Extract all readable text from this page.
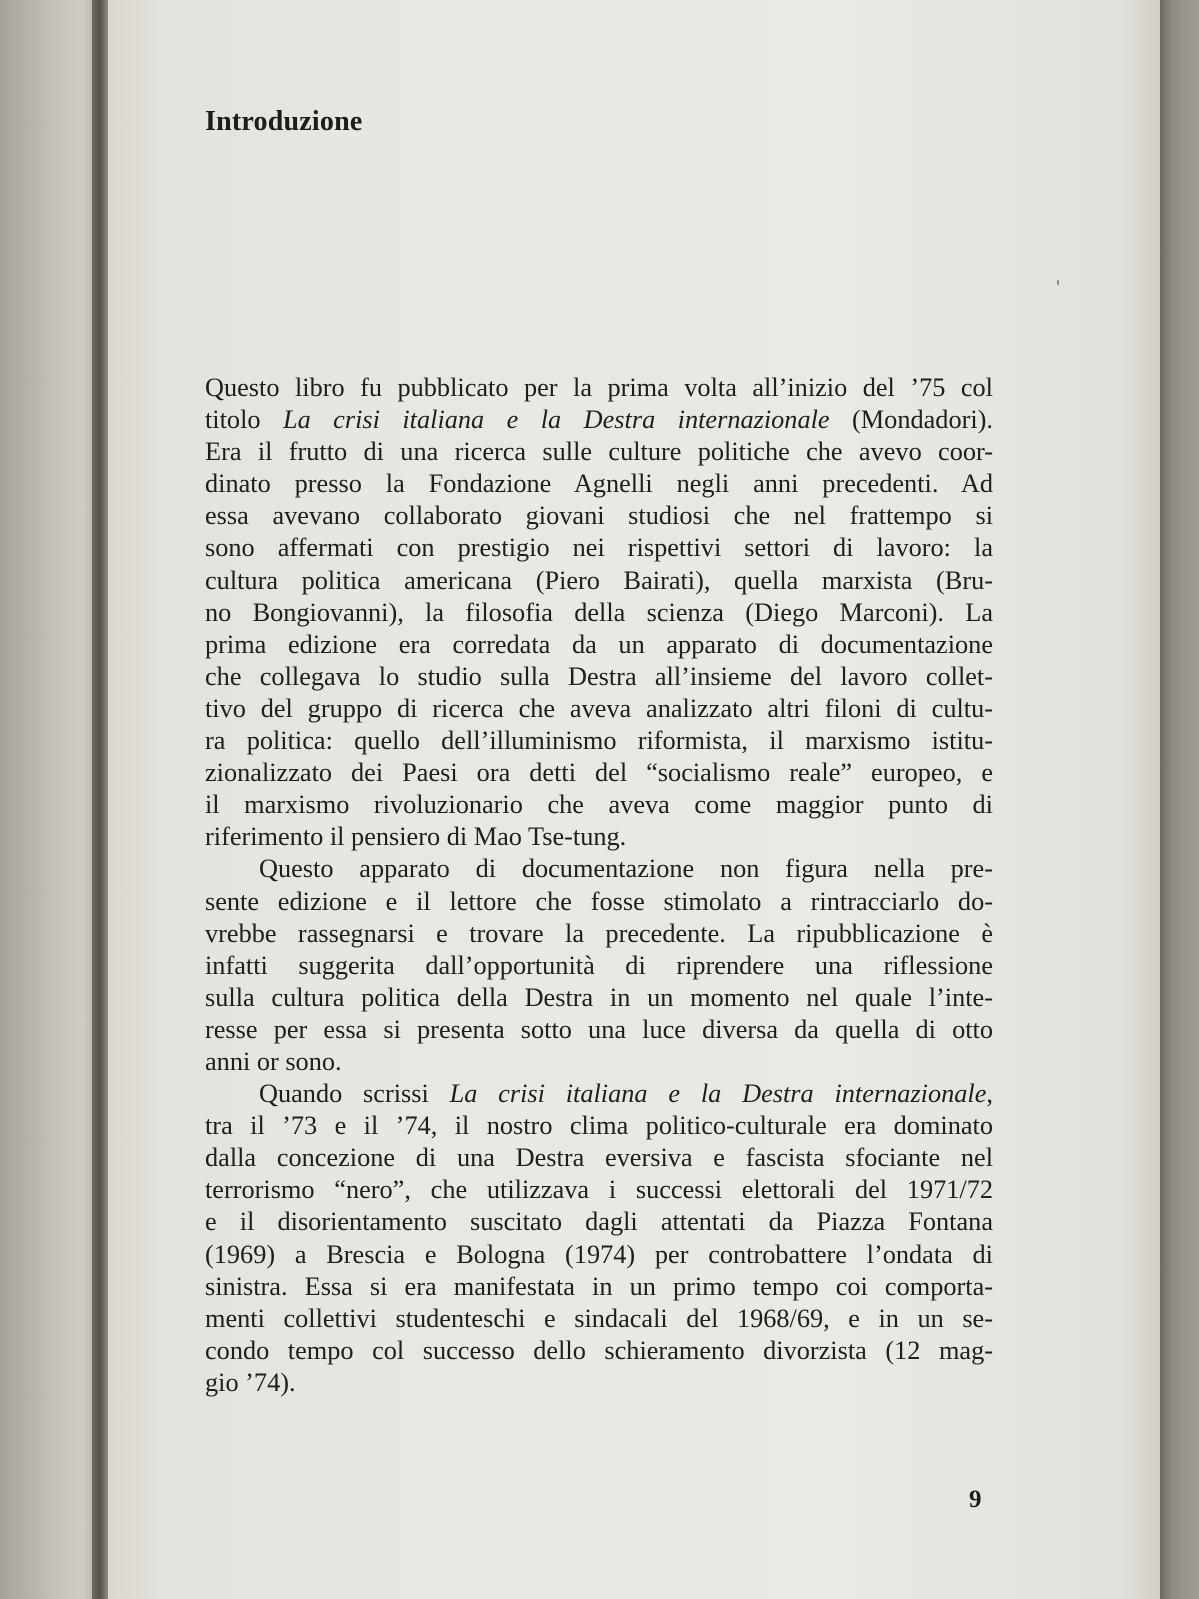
Introduzione
Questo libro fu pubblicato per la prima volta all’inizio del ’75 col
titolo La crisi italiana e la Destra internazionale (Mondadori).
Era il frutto di una ricerca sulle culture politiche che avevo coor-
dinato presso la Fondazione Agnelli negli anni precedenti. Ad
essa avevano collaborato giovani studiosi che nel frattempo si
sono affermati con prestigio nei rispettivi settori di lavoro: la
cultura politica americana (Piero Bairati), quella marxista (Bru-
no Bongiovanni), la filosofia della scienza (Diego Marconi). La
prima edizione era corredata da un apparato di documentazione
che collegava lo studio sulla Destra all’insieme del lavoro collet-
tivo del gruppo di ricerca che aveva analizzato altri filoni di cultu-
ra politica: quello dell’illuminismo riformista, il marxismo istitu-
zionalizzato dei Paesi ora detti del “socialismo reale” europeo, e
il marxismo rivoluzionario che aveva come maggior punto di
riferimento il pensiero di Mao Tse-tung.
Questo apparato di documentazione non figura nella pre-
sente edizione e il lettore che fosse stimolato a rintracciarlo do-
vrebbe rassegnarsi e trovare la precedente. La ripubblicazione è
infatti suggerita dall’opportunità di riprendere una riflessione
sulla cultura politica della Destra in un momento nel quale l’inte-
resse per essa si presenta sotto una luce diversa da quella di otto
anni or sono.
Quando scrissi La crisi italiana e la Destra internazionale,
tra il ’73 e il ’74, il nostro clima politico-culturale era dominato
dalla concezione di una Destra eversiva e fascista sfociante nel
terrorismo “nero”, che utilizzava i successi elettorali del 1971/72
e il disorientamento suscitato dagli attentati da Piazza Fontana
(1969) a Brescia e Bologna (1974) per controbattere l’ondata di
sinistra. Essa si era manifestata in un primo tempo coi comporta-
menti collettivi studenteschi e sindacali del 1968/69, e in un se-
condo tempo col successo dello schieramento divorzista (12 mag-
gio ’74).
9
